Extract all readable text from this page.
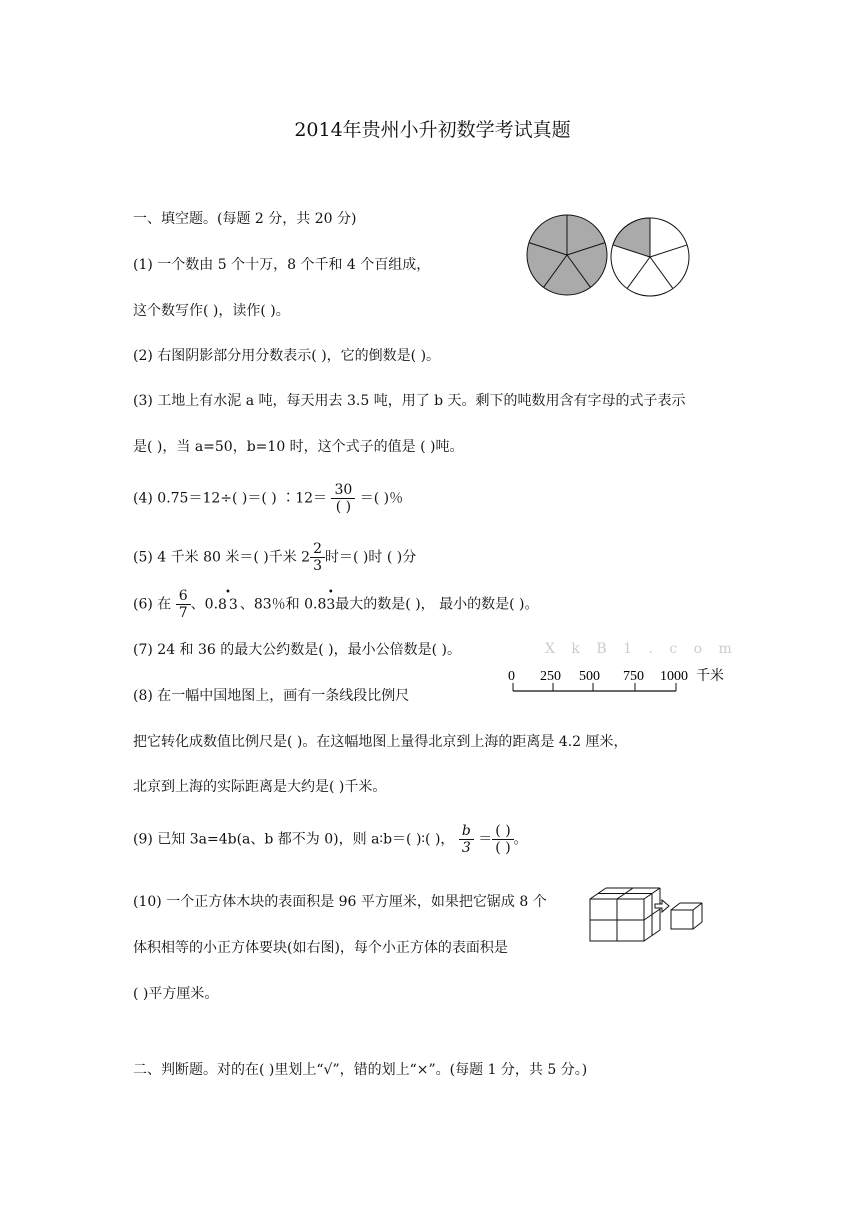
2014年贵州小升初数学考试真题
一、填空题。(每题 2 分，共 20 分)
(1) 一个数由 5 个十万，8 个千和 4 个百组成，
这个数写作( )，读作( )。
(2) 右图阴影部分用分数表示( )，它的倒数是( )。
(3) 工地上有水泥 a 吨，每天用去 3.5 吨，用了 b 天。剩下的吨数用含有字母的式子表示
是( )，当 a=50，b=10 时，这个式子的值是 ( )吨。
(4) 0.75＝12÷( )＝( ) ∶12＝ $\frac{30}{( )}$ ＝( )％
(5) 4 千米 80 米＝( )千米 $2 \frac{2}{3}$ 时＝( )时 ( )分
(6) 在 $\frac{6}{7}$ 、0.• 83、83％和 0.8• 3最大的数是( )， 最小的数是( )。
(7) 24 和 36 的最大公约数是( )，最小公倍数是( )。	X k B 1 . c o m
0 250 500 750 1000 千米
(8) 在一幅中国地图上，画有一条线段比例尺
把它转化成数值比例尺是( )。在这幅地图上量得北京到上海的距离是 4.2 厘米，
北京到上海的实际距离是大约是( )千米。
(9) 已知 3a=4b(a、b 都不为 0)，则 a∶b＝( )∶( )， $\frac{b}{3} = \frac{( )}{( )}$ 。
(10) 一个正方体木块的表面积是 96 平方厘米，如果把它锯成 8 个
体积相等的小正方体要块(如右图)，每个小正方体的表面积是
( )平方厘米。
二、判断题。对的在( )里划上“√”，错的划上“×”。(每题 1 分，共 5 分。)
